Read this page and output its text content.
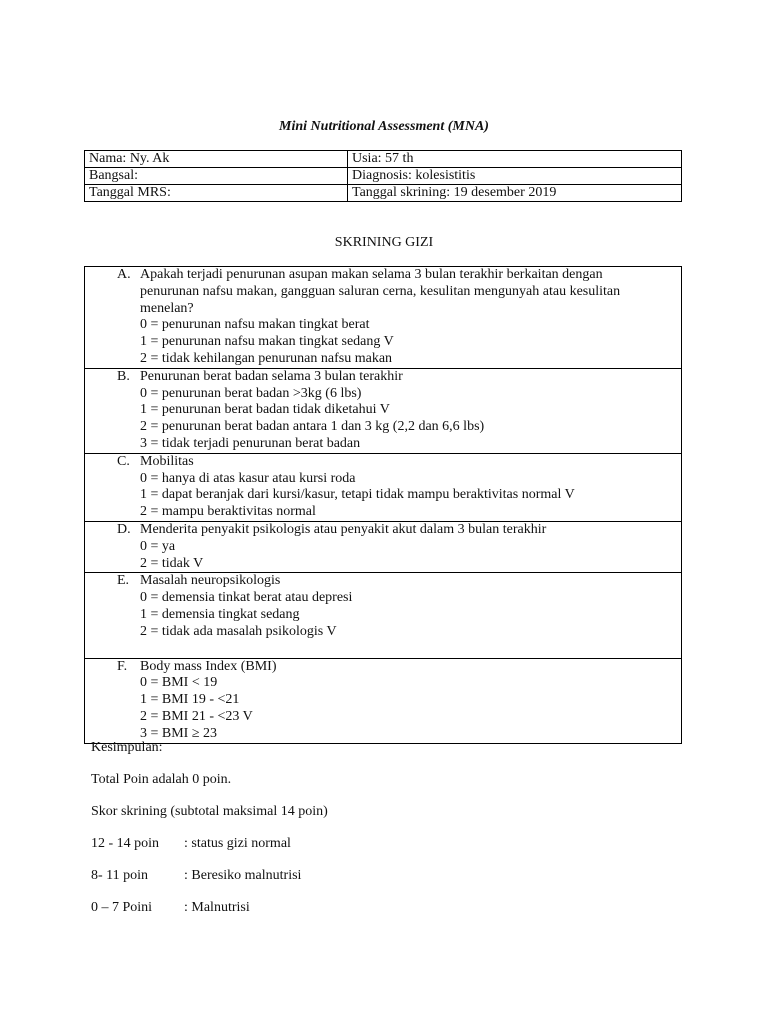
Mini Nutritional Assessment (MNA)
Nama: Ny. Ak	Usia: 57 th
Bangsal:	Diagnosis: kolesistitis
Tanggal MRS:	Tanggal skrining: 19 desember 2019
SKRINING GIZI
A. Apakah terjadi penurunan asupan makan selama 3 bulan terakhir berkaitan dengan
penurunan nafsu makan, gangguan saluran cerna, kesulitan mengunyah atau kesulitan
menelan?
0 = penurunan nafsu makan tingkat berat
1 = penurunan nafsu makan tingkat sedang V
2 = tidak kehilangan penurunan nafsu makan
B. Penurunan berat badan selama 3 bulan terakhir
0 = penurunan berat badan >3kg (6 lbs)
1 = penurunan berat badan tidak diketahui V
2 = penurunan berat badan antara 1 dan 3 kg (2,2 dan 6,6 lbs)
3 = tidak terjadi penurunan berat badan
C. Mobilitas
0 = hanya di atas kasur atau kursi roda
1 = dapat beranjak dari kursi/kasur, tetapi tidak mampu beraktivitas normal V
2 = mampu beraktivitas normal
D. Menderita penyakit psikologis atau penyakit akut dalam 3 bulan terakhir
0 = ya
2 = tidak V
E. Masalah neuropsikologis
0 = demensia tinkat berat atau depresi
1 = demensia tingkat sedang
2 = tidak ada masalah psikologis V
F. Body mass Index (BMI)
0 = BMI < 19
1 = BMI 19 - <21
2 = BMI 21 - <23 V
3 = BMI ≥ 23
Kesimpulan:
Total Poin adalah 0 poin.
Skor skrining (subtotal maksimal 14 poin)
12 - 14 poin : status gizi normal
8- 11 poin	: Beresiko malnutrisi
0 – 7 Poini : Malnutrisi
